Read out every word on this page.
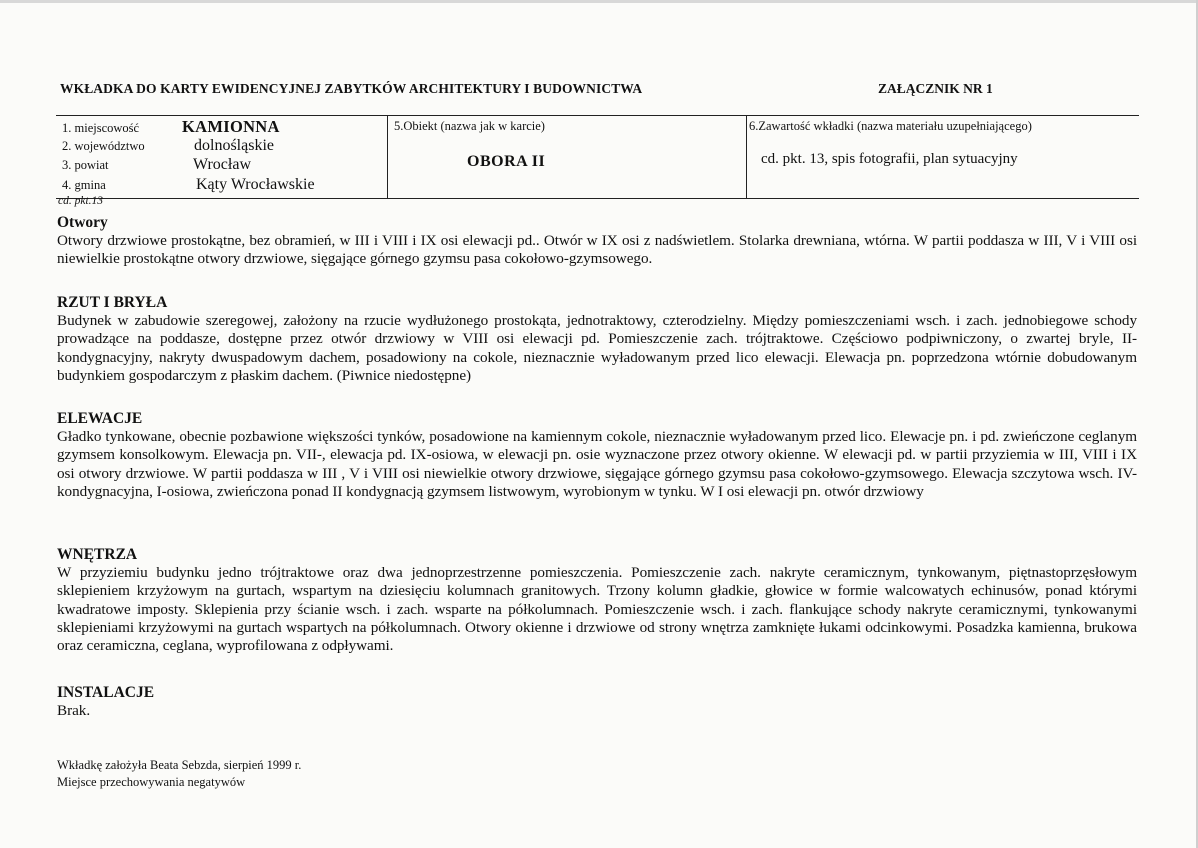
WKŁADKA DO KARTY EWIDENCYJNEJ ZABYTKÓW ARCHITEKTURY I BUDOWNICTWA	ZAŁĄCZNIK NR 1
1. miejscowość	KAMIONNA
2. województwo	dolnośląskie
3. powiat	Wrocław
4. gmina	Kąty Wrocławskie
5.Obiekt (nazwa jak w karcie)
OBORA II
6.Zawartość wkładki (nazwa materiału uzupełniającego)
cd. pkt. 13, spis fotografii, plan sytuacyjny
cd. pkt.13
Otwory
Otwory drzwiowe prostokątne, bez obramień, w III i VIII i IX osi elewacji pd.. Otwór w IX osi z nadświetlem. Stolarka drewniana, wtórna. W partii poddasza w III, V i VIII osi niewielkie prostokątne otwory drzwiowe, sięgające górnego gzymsu pasa cokołowo-gzymsowego.
RZUT I BRYŁA
Budynek w zabudowie szeregowej, założony na rzucie wydłużonego prostokąta, jednotraktowy, czterodzielny. Między pomieszczeniami wsch. i zach. jednobiegowe schody prowadzące na poddasze, dostępne przez otwór drzwiowy w VIII osi elewacji pd. Pomieszczenie zach. trójtraktowe. Częściowo podpiwniczony, o zwartej bryle, II-kondygnacyjny, nakryty dwuspadowym dachem, posadowiony na cokole, nieznacznie wyładowanym przed lico elewacji. Elewacja pn. poprzedzona wtórnie dobudowanym budynkiem gospodarczym z płaskim dachem. (Piwnice niedostępne)
ELEWACJE
Gładko tynkowane, obecnie pozbawione większości tynków, posadowione na kamiennym cokole, nieznacznie wyładowanym przed lico. Elewacje pn. i pd. zwieńczone ceglanym gzymsem konsolkowym. Elewacja pn. VII-, elewacja pd. IX-osiowa, w elewacji pn. osie wyznaczone przez otwory okienne. W elewacji pd. w partii przyziemia w III, VIII i IX osi otwory drzwiowe. W partii poddasza w III , V i VIII osi niewielkie otwory drzwiowe, sięgające górnego gzymsu pasa cokołowo-gzymsowego. Elewacja szczytowa wsch. IV-kondygnacyjna, I-osiowa, zwieńczona ponad II kondygnacją gzymsem listwowym, wyrobionym w tynku. W I osi elewacji pn. otwór drzwiowy
WNĘTRZA
W przyziemiu budynku jedno trójtraktowe oraz dwa jednoprzestrzenne pomieszczenia. Pomieszczenie zach. nakryte ceramicznym, tynkowanym, piętnastoprzęsłowym sklepieniem krzyżowym na gurtach, wspartym na dziesięciu kolumnach granitowych. Trzony kolumn gładkie, głowice w formie walcowatych echinusów, ponad którymi kwadratowe imposty. Sklepienia przy ścianie wsch. i zach. wsparte na półkolumnach. Pomieszczenie wsch. i zach. flankujące schody nakryte ceramicznymi, tynkowanymi sklepieniami krzyżowymi na gurtach wspartych na półkolumnach. Otwory okienne i drzwiowe od strony wnętrza zamknięte łukami odcinkowymi. Posadzka kamienna, brukowa oraz ceramiczna, ceglana, wyprofilowana z odpływami.
INSTALACJE
Brak.
Wkładkę założyła Beata Sebzda, sierpień 1999 r.
Miejsce przechowywania negatywów
